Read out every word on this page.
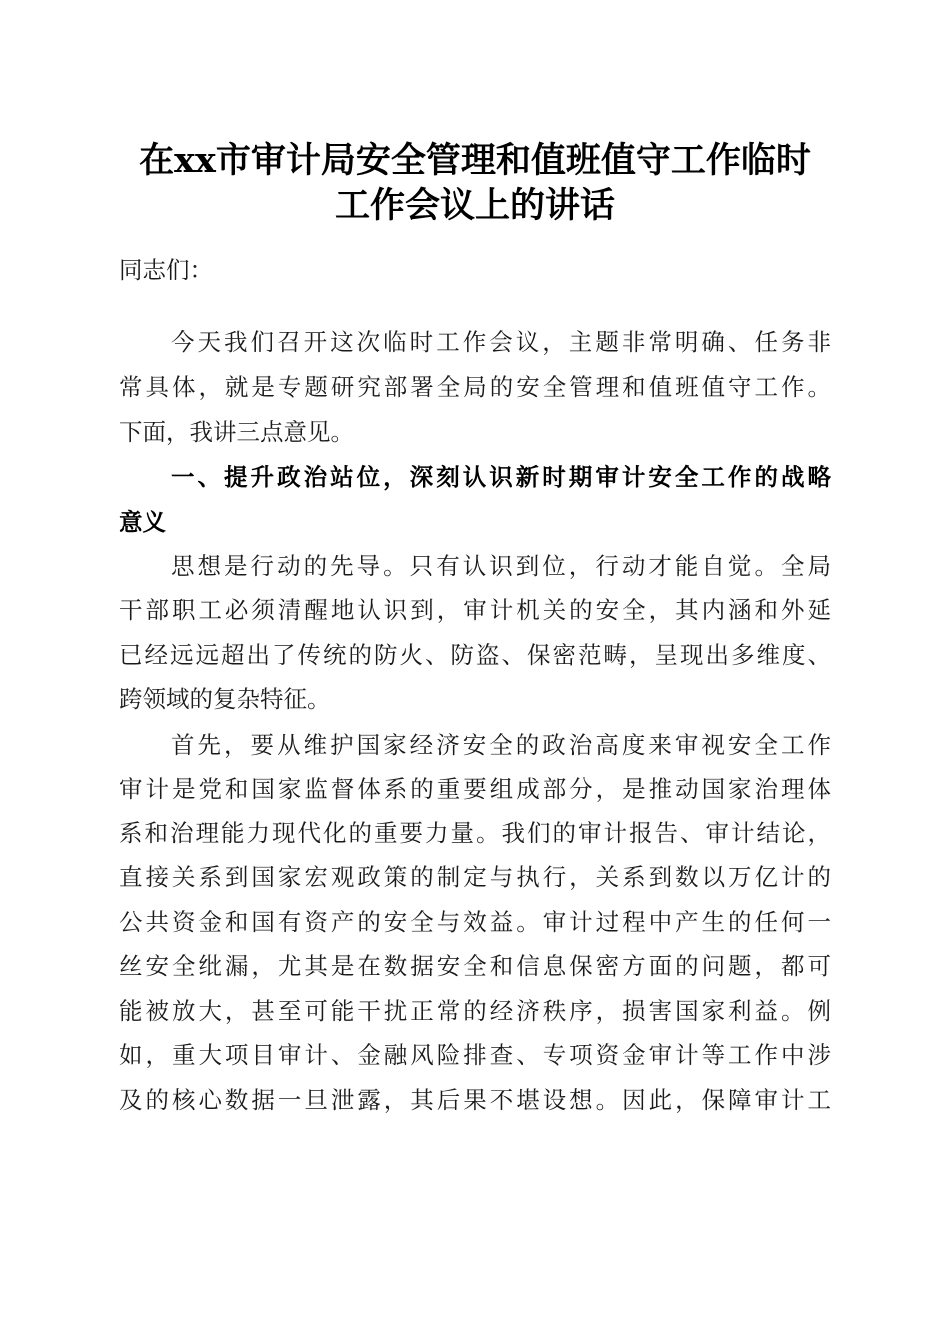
在xx市审计局安全管理和值班值守工作临时
工作会议上的讲话
同志们：
今天我们召开这次临时工作会议，主题非常明确、任务非
常具体，就是专题研究部署全局的安全管理和值班值守工作。
下面，我讲三点意见。
一、提升政治站位，深刻认识新时期审计安全工作的战略
意义
思想是行动的先导。只有认识到位，行动才能自觉。全局
干部职工必须清醒地认识到，审计机关的安全，其内涵和外延
已经远远超出了传统的防火、防盗、保密范畴，呈现出多维度、
跨领域的复杂特征。
首先，要从维护国家经济安全的政治高度来审视安全工作
审计是党和国家监督体系的重要组成部分，是推动国家治理体
系和治理能力现代化的重要力量。我们的审计报告、审计结论，
直接关系到国家宏观政策的制定与执行，关系到数以万亿计的
公共资金和国有资产的安全与效益。审计过程中产生的任何一
丝安全纰漏，尤其是在数据安全和信息保密方面的问题，都可
能被放大，甚至可能干扰正常的经济秩序，损害国家利益。例
如，重大项目审计、金融风险排查、专项资金审计等工作中涉
及的核心数据一旦泄露，其后果不堪设想。因此，保障审计工
